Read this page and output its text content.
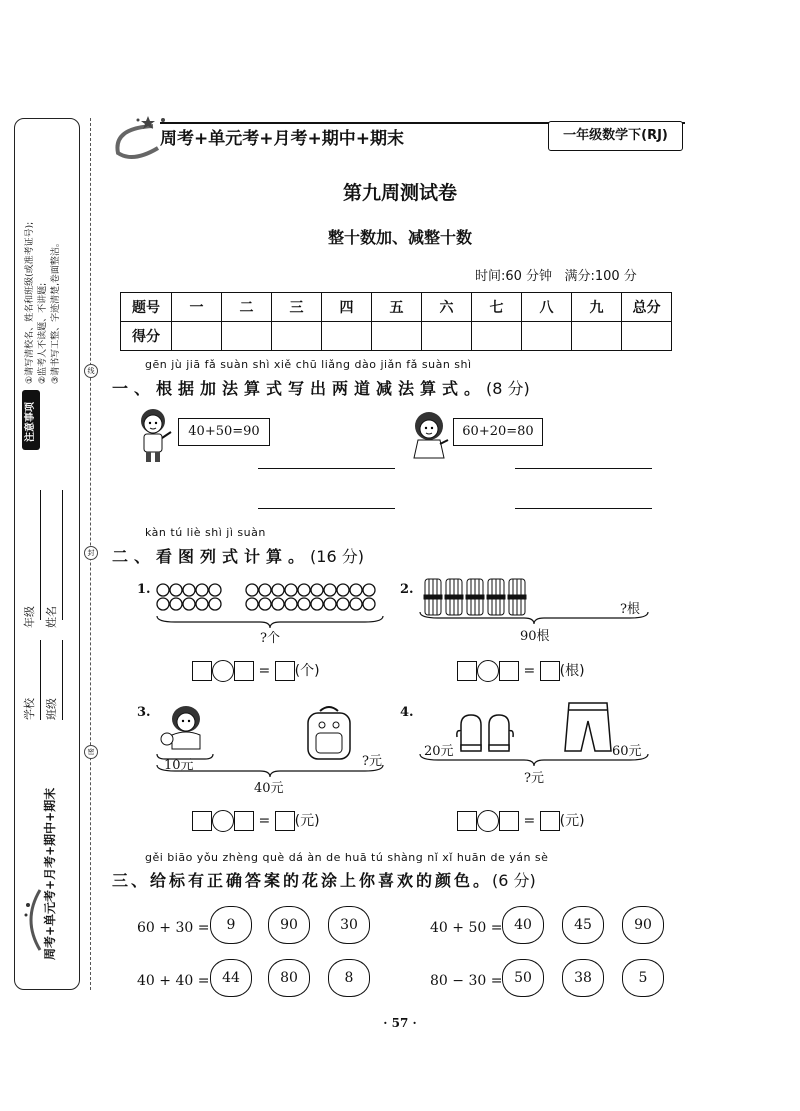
注意事项
①请写清校名、姓名和班级(或准考证号); ②监考人不读题、不讲题; ③请书写工整、字迹清楚,卷面整洁。
年级 姓名
学校 班级
周考+单元考+月考+期中+期末
线
封
密
周考+单元考+月考+期中+期末	一年级数学下(RJ)
第九周测试卷
整十数加、减整十数
时间:60 分钟   满分:100 分
题号	一	二	三	四	五	六	七	八	九	总分
得分										
gēn jù jiā fǎ suàn shì xiě chū liǎng dào jiǎn fǎ suàn shì
一、根据加法算式写出两道减法算式。(8 分)
40+50=90	60+20=80
kàn tú liè shì jì suàn
二、看图列式计算。(16 分)
1.
?个
= (个)
2.
?根
90根
= (根)
3.
?元
10元
40元
= (元)
4.
20元	60元
?元
= (元)
gěi biāo yǒu zhèng què dá àn de huā tú shàng nǐ xǐ huān de yán sè
三、给标有正确答案的花涂上你喜欢的颜色。(6 分)
60 + 30 =	9	90	30	40 + 50 = 40	45	90
40 + 40 = 44	80	8	80 − 30 = 50	38	5
· 57 ·
